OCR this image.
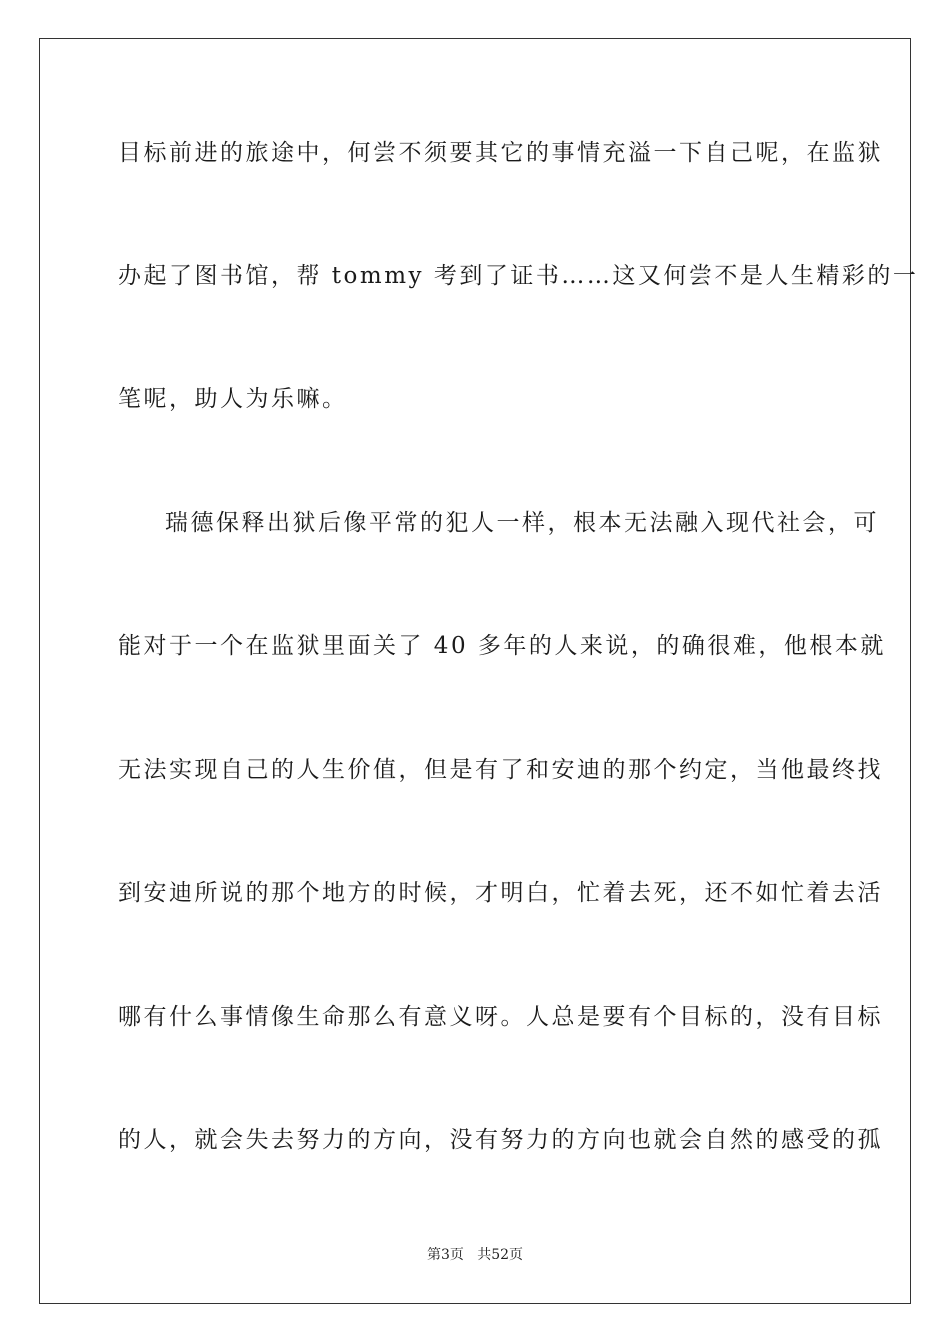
目标前进的旅途中，何尝不须要其它的事情充溢一下自己呢，在监狱
办起了图书馆，帮 tommy 考到了证书……这又何尝不是人生精彩的一
笔呢，助人为乐嘛。
瑞德保释出狱后像平常的犯人一样，根本无法融入现代社会，可
能对于一个在监狱里面关了 40 多年的人来说，的确很难，他根本就
无法实现自己的人生价值，但是有了和安迪的那个约定，当他最终找
到安迪所说的那个地方的时候，才明白，忙着去死，还不如忙着去活
哪有什么事情像生命那么有意义呀。人总是要有个目标的，没有目标
的人，就会失去努力的方向，没有努力的方向也就会自然的感受的孤
第3页   共52页
